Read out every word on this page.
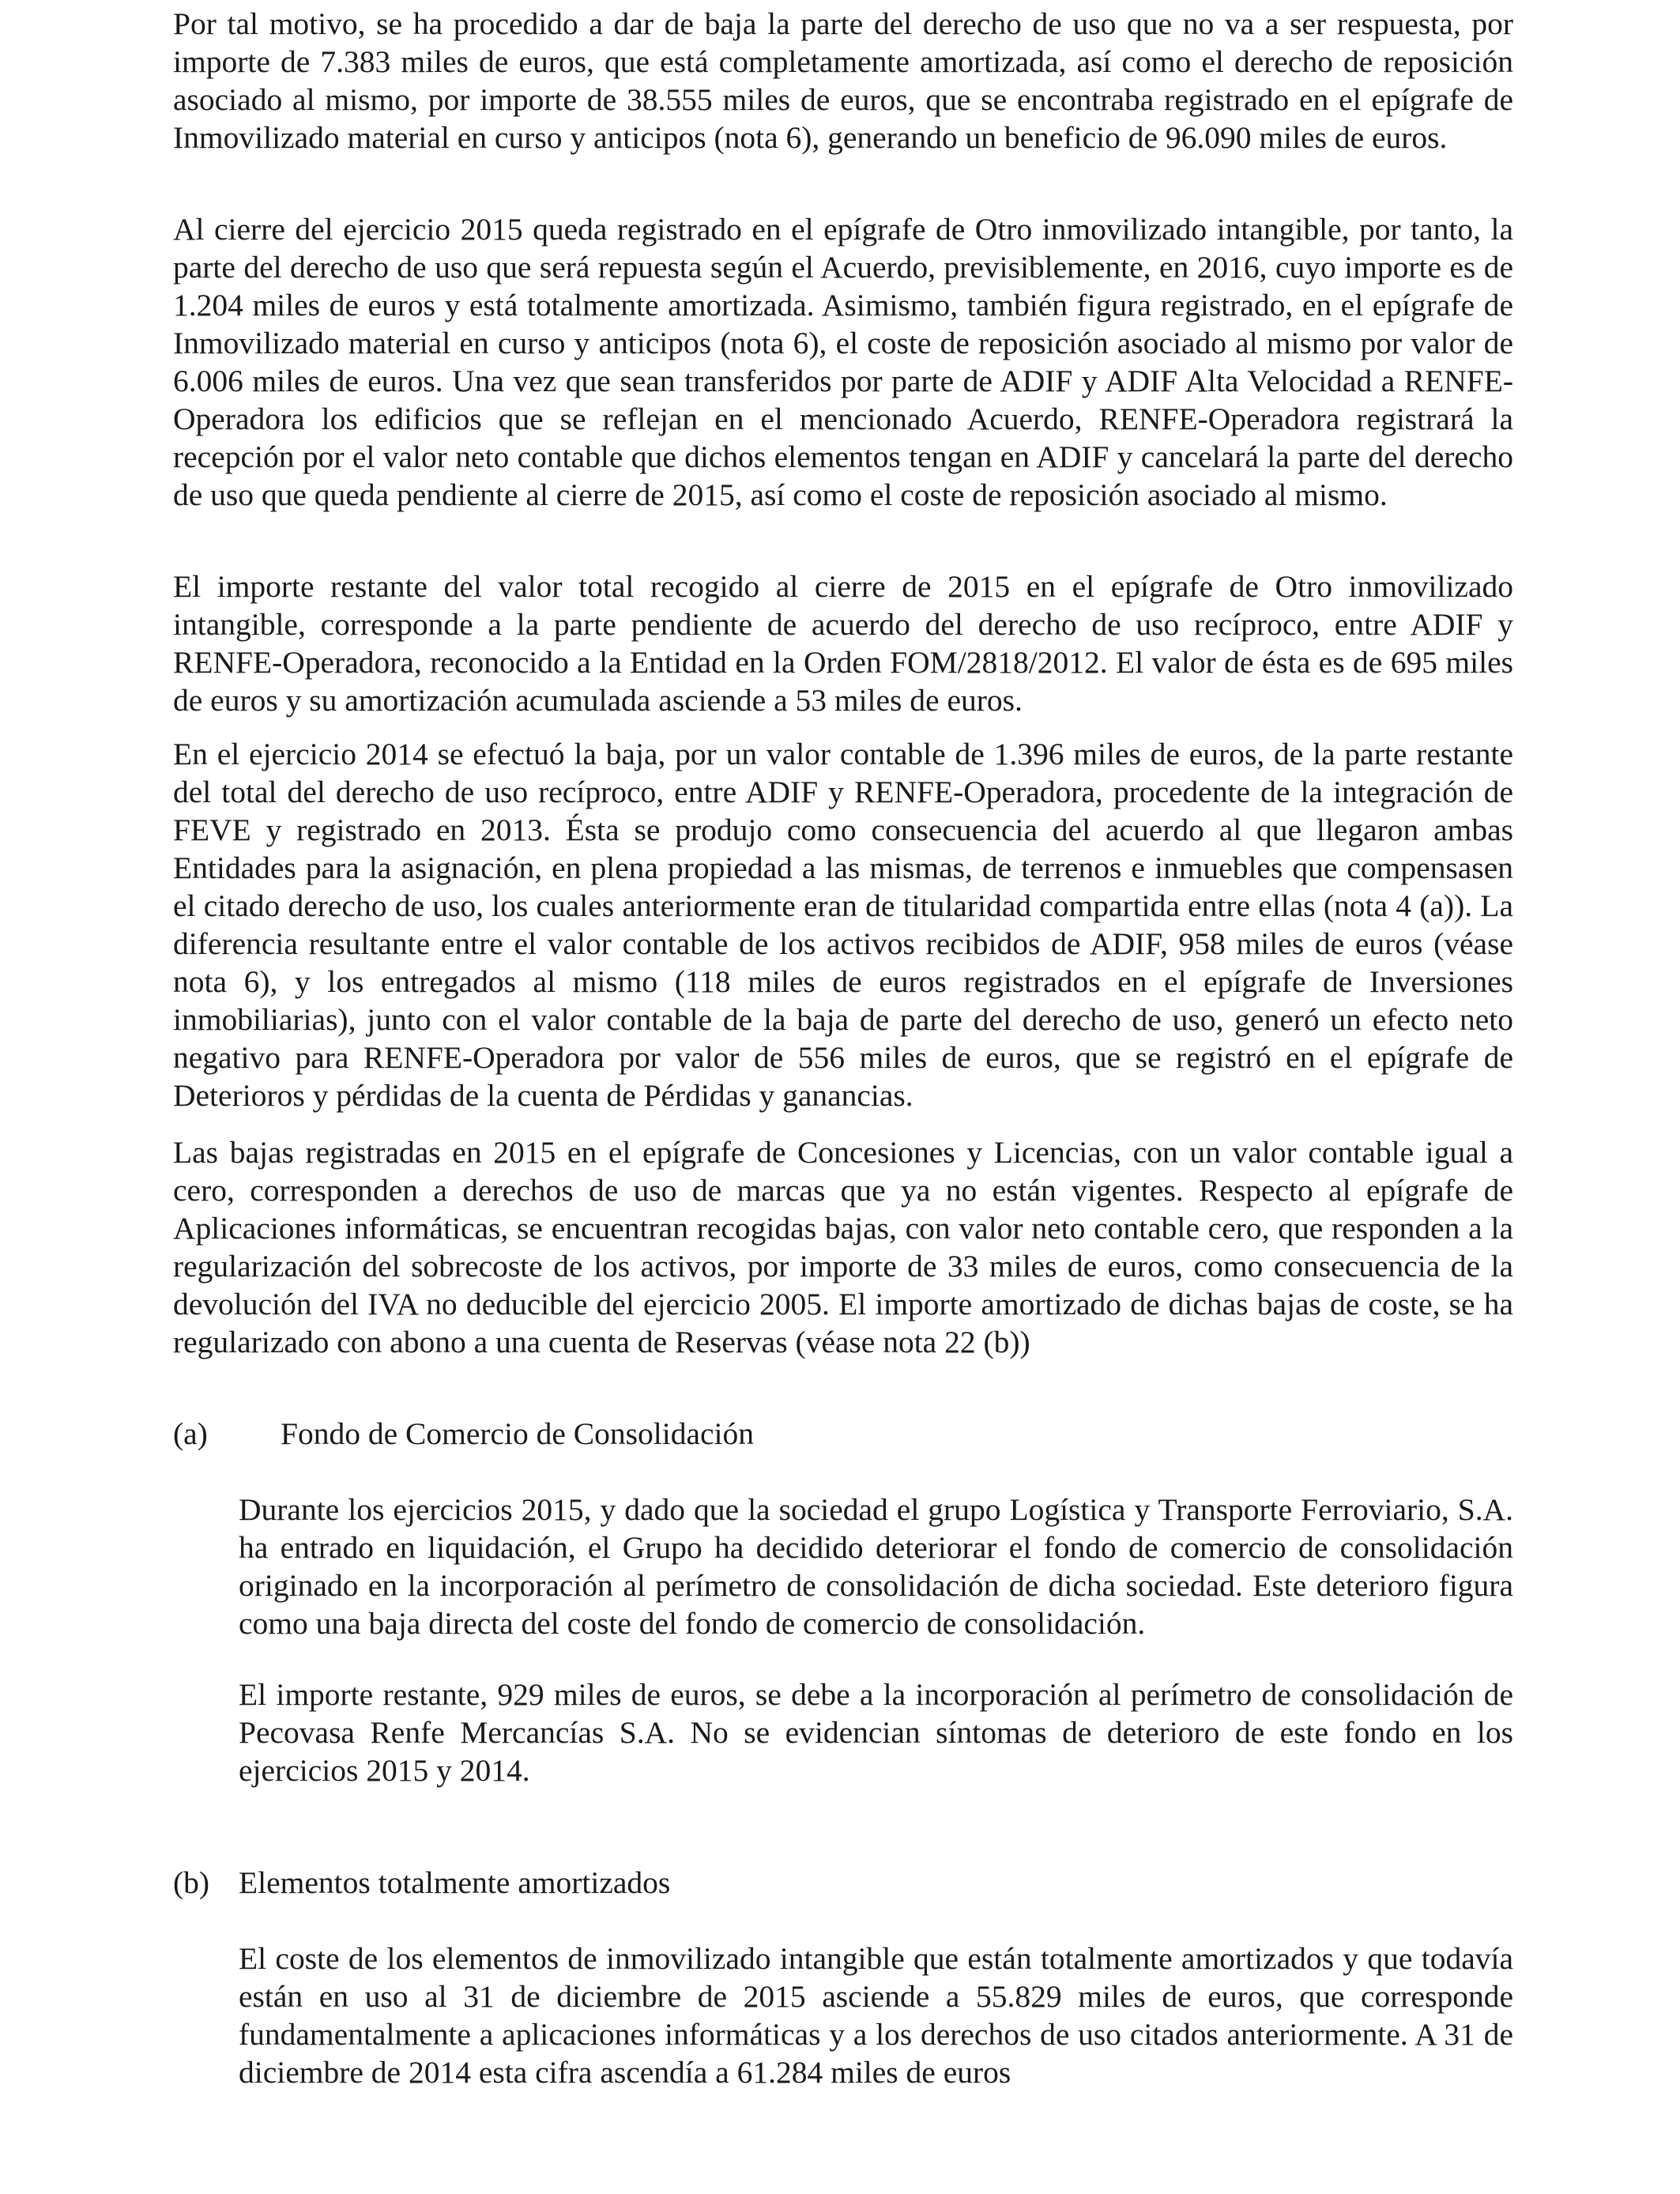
Por tal motivo, se ha procedido a dar de baja la parte del derecho de uso que no va a ser respuesta, por importe de 7.383 miles de euros, que está completamente amortizada, así como el derecho de reposición asociado al mismo, por importe de 38.555 miles de euros, que se encontraba registrado en el epígrafe de Inmovilizado material en curso y anticipos (nota 6), generando un beneficio de 96.090 miles de euros.

Al cierre del ejercicio 2015 queda registrado en el epígrafe de Otro inmovilizado intangible, por tanto, la parte del derecho de uso que será repuesta según el Acuerdo, previsiblemente, en 2016, cuyo importe es de 1.204 miles de euros y está totalmente amortizada. Asimismo, también figura registrado, en el epígrafe de Inmovilizado material en curso y anticipos (nota 6), el coste de reposición asociado al mismo por valor de 6.006 miles de euros. Una vez que sean transferidos por parte de ADIF y ADIF Alta Velocidad a RENFE-Operadora los edificios que se reflejan en el mencionado Acuerdo, RENFE-Operadora registrará la recepción por el valor neto contable que dichos elementos tengan en ADIF y cancelará la parte del derecho de uso que queda pendiente al cierre de 2015, así como el coste de reposición asociado al mismo.

El importe restante del valor total recogido al cierre de 2015 en el epígrafe de Otro inmovilizado intangible, corresponde a la parte pendiente de acuerdo del derecho de uso recíproco, entre ADIF y RENFE-Operadora, reconocido a la Entidad en la Orden FOM/2818/2012. El valor de ésta es de 695 miles de euros y su amortización acumulada asciende a 53 miles de euros.

En el ejercicio 2014 se efectuó la baja, por un valor contable de 1.396 miles de euros, de la parte restante del total del derecho de uso recíproco, entre ADIF y RENFE-Operadora, procedente de la integración de FEVE y registrado en 2013. Ésta se produjo como consecuencia del acuerdo al que llegaron ambas Entidades para la asignación, en plena propiedad a las mismas, de terrenos e inmuebles que compensasen el citado derecho de uso, los cuales anteriormente eran de titularidad compartida entre ellas (nota 4 (a)). La diferencia resultante entre el valor contable de los activos recibidos de ADIF, 958 miles de euros (véase nota 6), y los entregados al mismo (118 miles de euros registrados en el epígrafe de Inversiones inmobiliarias), junto con el valor contable de la baja de parte del derecho de uso, generó un efecto neto negativo para RENFE-Operadora por valor de 556 miles de euros, que se registró en el epígrafe de Deterioros y pérdidas de la cuenta de Pérdidas y ganancias.

Las bajas registradas en 2015 en el epígrafe de Concesiones y Licencias, con un valor contable igual a cero, corresponden a derechos de uso de marcas que ya no están vigentes. Respecto al epígrafe de Aplicaciones informáticas, se encuentran recogidas bajas, con valor neto contable cero, que responden a la regularización del sobrecoste de los activos, por importe de 33 miles de euros, como consecuencia de la devolución del IVA no deducible del ejercicio 2005. El importe amortizado de dichas bajas de coste, se ha regularizado con abono a una cuenta de Reservas (véase nota 22 (b))

(a) Fondo de Comercio de Consolidación

Durante los ejercicios 2015, y dado que la sociedad el grupo Logística y Transporte Ferroviario, S.A. ha entrado en liquidación, el Grupo ha decidido deteriorar el fondo de comercio de consolidación originado en la incorporación al perímetro de consolidación de dicha sociedad. Este deterioro figura como una baja directa del coste del fondo de comercio de consolidación.

El importe restante, 929 miles de euros, se debe a la incorporación al perímetro de consolidación de Pecovasa Renfe Mercancías S.A. No se evidencian síntomas de deterioro de este fondo en los ejercicios 2015 y 2014.

(b) Elementos totalmente amortizados

El coste de los elementos de inmovilizado intangible que están totalmente amortizados y que todavía están en uso al 31 de diciembre de 2015 asciende a 55.829 miles de euros, que corresponde fundamentalmente a aplicaciones informáticas y a los derechos de uso citados anteriormente. A 31 de diciembre de 2014 esta cifra ascendía a 61.284 miles de euros
